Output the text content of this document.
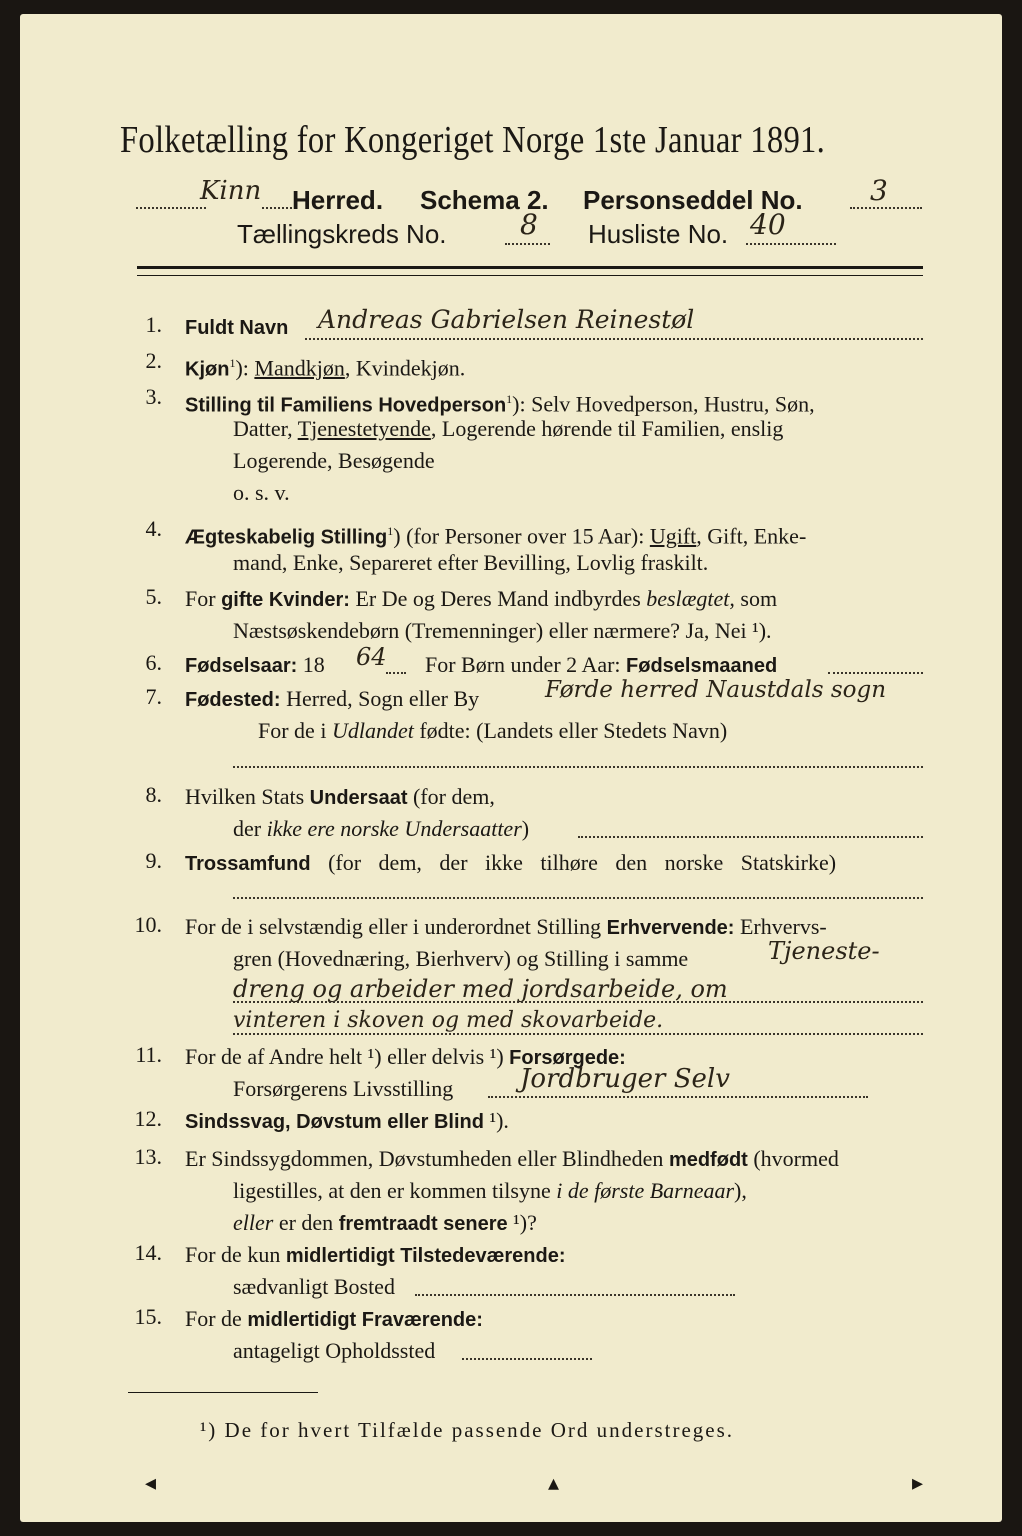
Folketælling for Kongeriget Norge 1ste Januar 1891.
Kinn Herred. Schema 2. Personseddel No. 3
Tællingskreds No.	8 Husliste No. 40
1. Fuldt Navn Andreas Gabrielsen Reinestøl
2. Kjøn$^1$): Mandkjøn, Kvindekjøn.
3. Stilling til Familiens Hovedperson$^1$): Selv Hovedperson, Hustru, Søn,
Datter, Tjenestetyende, Logerende hørende til Familien, enslig
Logerende, Besøgende
o. s. v.
4. Ægteskabelig Stilling$^1$) (for Personer over 15 Aar): Ugift, Gift, Enke-
mand, Enke, Separeret efter Bevilling, Lovlig fraskilt.
5. For gifte Kvinder: Er De og Deres Mand indbyrdes beslægtet, som
Næstsøskendebørn (Tremenninger) eller nærmere? Ja, Nei ¹).
6. Fødselsaar: 18 64 For Børn under 2 Aar: Fødselsmaaned
7. Fødested: Herred, Sogn eller By	Førde herred Naustdals sogn
For de i Udlandet fødte: (Landets eller Stedets Navn)
8. Hvilken Stats Undersaat (for dem,
der ikke ere norske Undersaatter)
9. Trossamfund (for dem, der ikke tilhøre den norske Statskirke)
10. For de i selvstændig eller i underordnet Stilling Erhvervende: Erhvervs-
gren (Hovednæring, Bierhverv) og Stilling i samme	Tjeneste-
dreng og arbeider med jordsarbeide, om
vinteren i skoven og med skovarbeide.
11. For de af Andre helt ¹) eller delvis ¹) Forsørgede:
Forsørgerens Livsstilling	Jordbruger Selv
12. Sindssvag, Døvstum eller Blind ¹).
13. Er Sindssygdommen, Døvstumheden eller Blindheden medfødt (hvormed
ligestilles, at den er kommen tilsyne i de første Barneaar),
eller er den fremtraadt senere ¹)?
14. For de kun midlertidigt Tilstedeværende:
sædvanligt Bosted
15. For de midlertidigt Fraværende:
antageligt Opholdssted
¹) De for hvert Tilfælde passende Ord understreges.
◂	▴	▸
